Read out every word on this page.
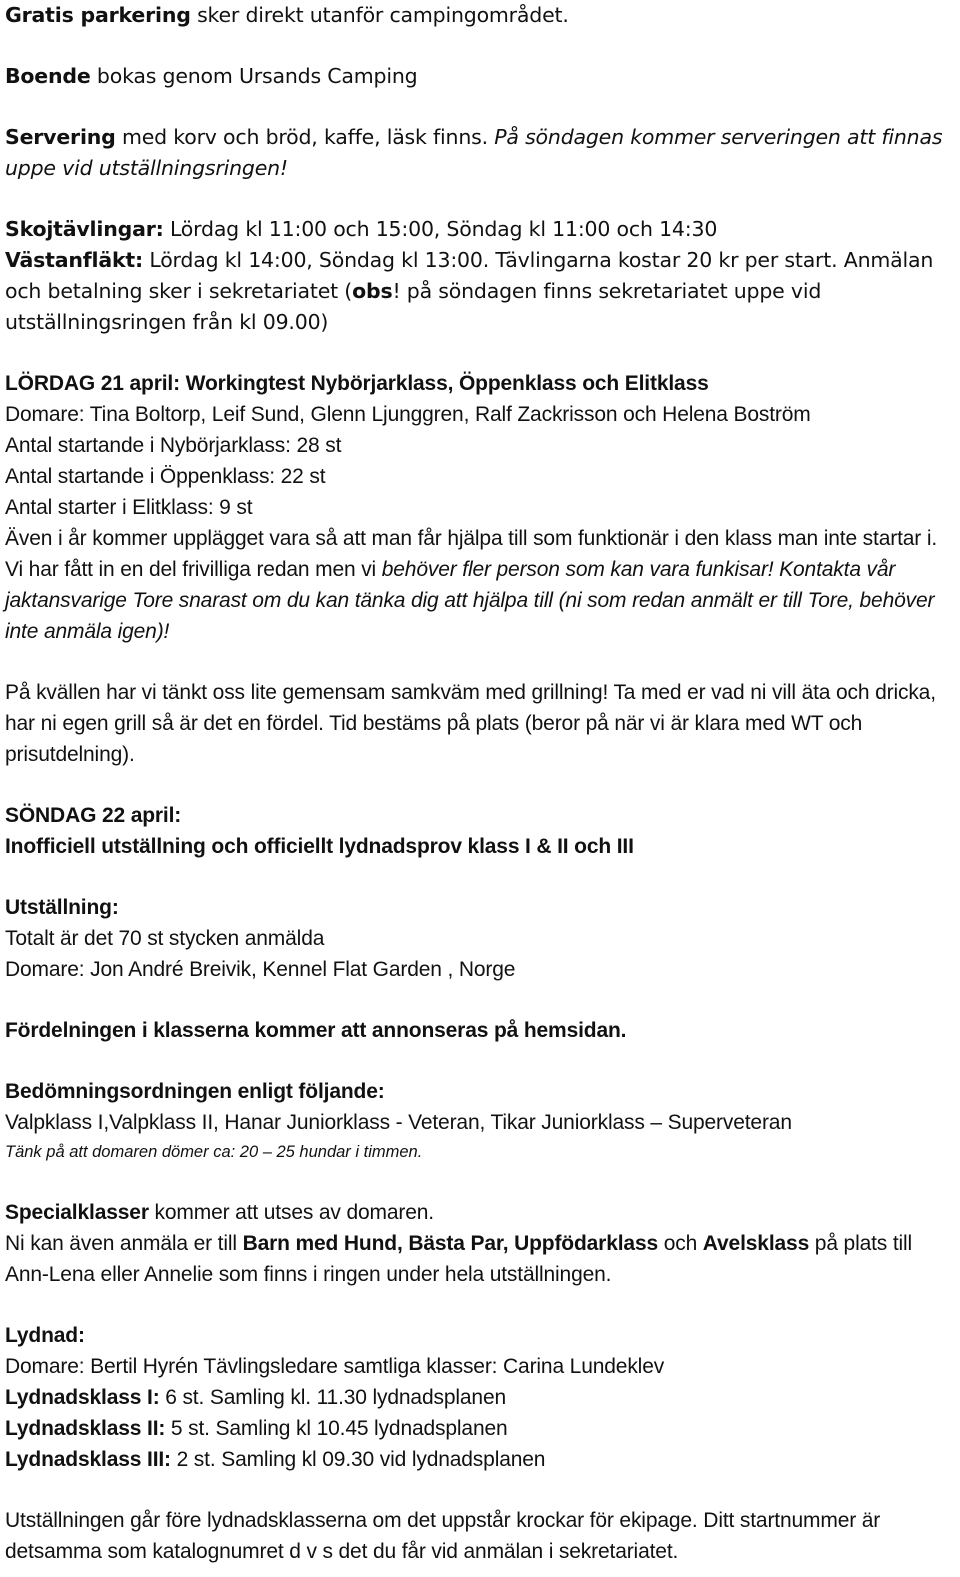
Gratis parkering sker direkt utanför campingområdet.

Boende bokas genom Ursands Camping

Servering med korv och bröd, kaffe, läsk finns. På söndagen kommer serveringen att finnas uppe vid utställningsringen!

Skojtävlingar: Lördag kl 11:00 och 15:00, Söndag kl 11:00 och 14:30

Västanfläkt: Lördag kl 14:00, Söndag kl 13:00. Tävlingarna kostar 20 kr per start. Anmälan och betalning sker i sekretariatet (obs! på söndagen finns sekretariatet uppe vid utställningsringen från kl 09.00)

LÖRDAG 21 april: Workingtest Nybörjarklass, Öppenklass och Elitklass

Domare: Tina Boltorp, Leif Sund, Glenn Ljunggren, Ralf Zackrisson och Helena Boström

Antal startande i Nybörjarklass: 28 st

Antal startande i Öppenklass: 22 st

Antal starter i Elitklass: 9 st

Även i år kommer upplägget vara så att man får hjälpa till som funktionär i den klass man inte startar i. Vi har fått in en del frivilliga redan men vi behöver fler person som kan vara funkisar! Kontakta vår jaktansvarige Tore snarast om du kan tänka dig att hjälpa till (ni som redan anmält er till Tore, behöver inte anmäla igen)!

På kvällen har vi tänkt oss lite gemensam samkväm med grillning! Ta med er vad ni vill äta och dricka, har ni egen grill så är det en fördel. Tid bestäms på plats (beror på när vi är klara med WT och prisutdelning).

SÖNDAG 22 april:

Inofficiell utställning och officiellt lydnadsprov klass I & II och III

Utställning:

Totalt är det 70 st stycken anmälda

Domare: Jon André Breivik, Kennel Flat Garden , Norge

Fördelningen i klasserna kommer att annonseras på hemsidan.

Bedömningsordningen enligt följande:

Valpklass I,Valpklass II, Hanar Juniorklass - Veteran, Tikar Juniorklass – Superveteran

Tänk på att domaren dömer ca: 20 – 25 hundar i timmen.

Specialklasser kommer att utses av domaren.

Ni kan även anmäla er till Barn med Hund, Bästa Par, Uppfödarklass och Avelsklass på plats till Ann-Lena eller Annelie som finns i ringen under hela utställningen.

Lydnad:

Domare: Bertil Hyrén Tävlingsledare samtliga klasser: Carina Lundeklev

Lydnadsklass I: 6 st. Samling kl. 11.30 lydnadsplanen

Lydnadsklass II: 5 st. Samling kl 10.45 lydnadsplanen

Lydnadsklass III: 2 st. Samling kl 09.30 vid lydnadsplanen

Utställningen går före lydnadsklasserna om det uppstår krockar för ekipage. Ditt startnummer är detsamma som katalognumret d v s det du får vid anmälan i sekretariatet.
